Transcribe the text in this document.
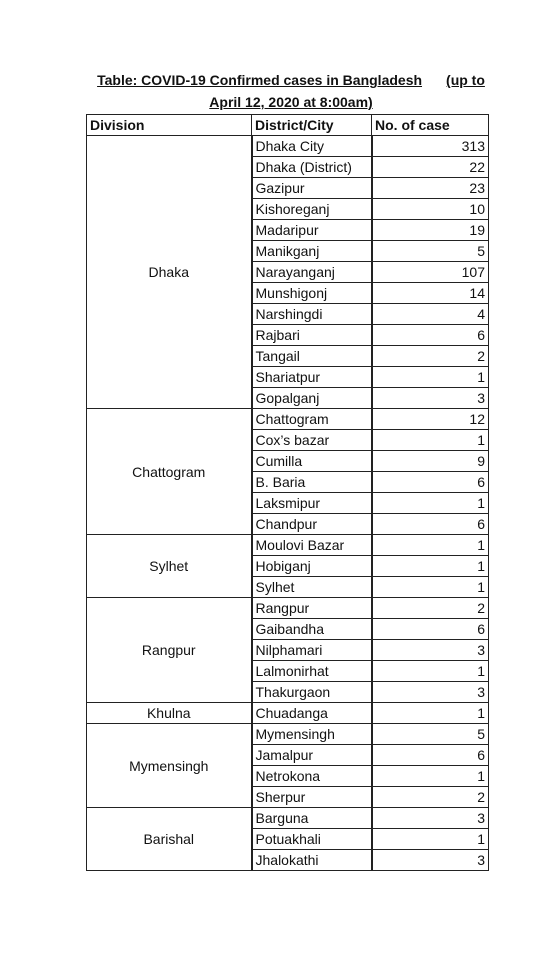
Table: COVID-19 Confirmed cases in Bangladesh (up to
April 12, 2020 at 8:00am)
Division	District/City	No. of case
Dhaka	Dhaka City	313
	Dhaka (District)	22
	Gazipur	23
	Kishoreganj	10
	Madaripur	19
	Manikganj	5
	Narayanganj	107
	Munshigonj	14
	Narshingdi	4
	Rajbari	6
	Tangail	2
	Shariatpur	1
	Gopalganj	3
Chattogram	Chattogram	12
	Cox’s bazar	1
	Cumilla	9
	B. Baria	6
	Laksmipur	1
	Chandpur	6
Sylhet	Moulovi Bazar	1
	Hobiganj	1
	Sylhet	1
Rangpur	Rangpur	2
	Gaibandha	6
	Nilphamari	3
	Lalmonirhat	1
	Thakurgaon	3
Khulna	Chuadanga	1
Mymensingh	Mymensingh	5
	Jamalpur	6
	Netrokona	1
	Sherpur	2
Barishal	Barguna	3
	Potuakhali	1
	Jhalokathi	3
